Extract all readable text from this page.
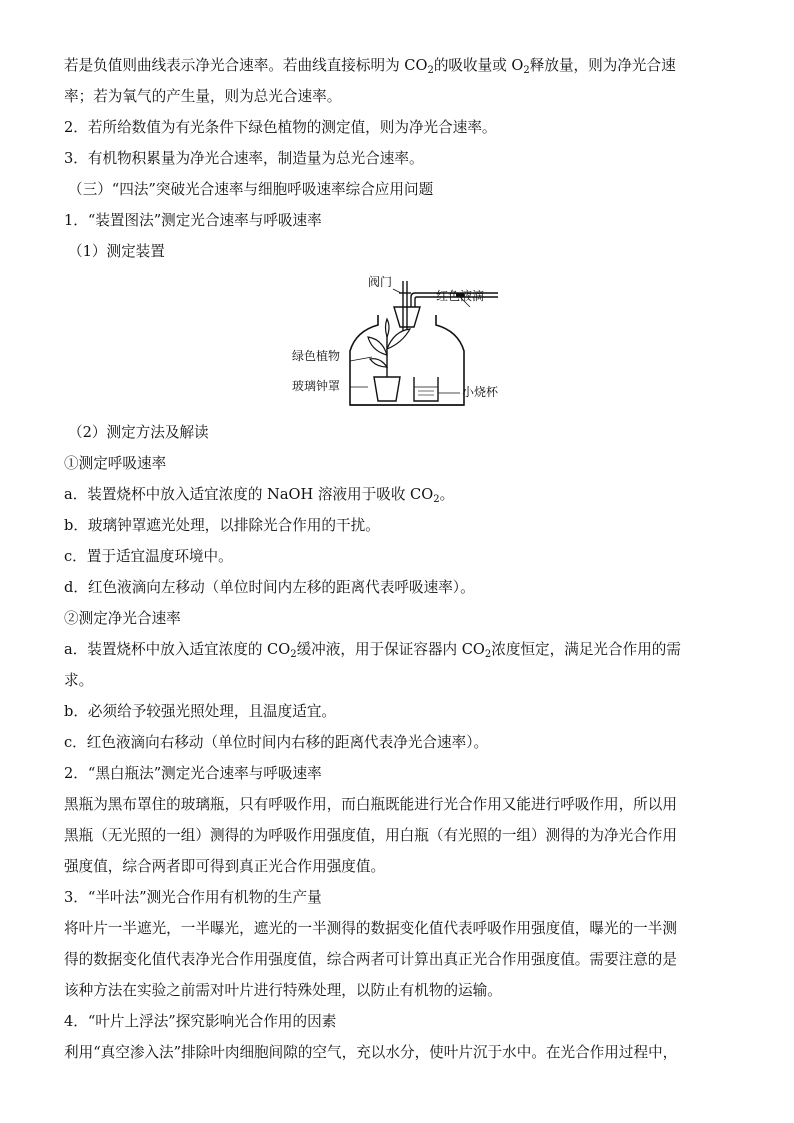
若是负值则曲线表示净光合速率。若曲线直接标明为 $CO_2$的吸收量或 $O_2$释放量，则为净光合速
率；若为氧气的产生量，则为总光合速率。
2．若所给数值为有光条件下绿色植物的测定值，则为净光合速率。
3．有机物积累量为净光合速率，制造量为总光合速率。
（三）“四法”突破光合速率与细胞呼吸速率综合应用问题
1．“装置图法”测定光合速率与呼吸速率
（1）测定装置
阀门
红色液滴
绿色植物
玻璃钟罩	小烧杯
（2）测定方法及解读
①测定呼吸速率
a．装置烧杯中放入适宜浓度的 NaOH 溶液用于吸收 $CO_2$。
b．玻璃钟罩遮光处理，以排除光合作用的干扰。
c．置于适宜温度环境中。
d．红色液滴向左移动（单位时间内左移的距离代表呼吸速率）。
②测定净光合速率
a．装置烧杯中放入适宜浓度的 $CO_2$缓冲液，用于保证容器内 $CO_2$浓度恒定，满足光合作用的需
求。
b．必须给予较强光照处理，且温度适宜。
c．红色液滴向右移动（单位时间内右移的距离代表净光合速率）。
2．“黑白瓶法”测定光合速率与呼吸速率
黑瓶为黑布罩住的玻璃瓶，只有呼吸作用，而白瓶既能进行光合作用又能进行呼吸作用，所以用
黑瓶（无光照的一组）测得的为呼吸作用强度值，用白瓶（有光照的一组）测得的为净光合作用
强度值，综合两者即可得到真正光合作用强度值。
3．“半叶法”测光合作用有机物的生产量
将叶片一半遮光，一半曝光，遮光的一半测得的数据变化值代表呼吸作用强度值，曝光的一半测
得的数据变化值代表净光合作用强度值，综合两者可计算出真正光合作用强度值。需要注意的是
该种方法在实验之前需对叶片进行特殊处理，以防止有机物的运输。
4．“叶片上浮法”探究影响光合作用的因素
利用“真空渗入法”排除叶肉细胞间隙的空气，充以水分，使叶片沉于水中。在光合作用过程中，
